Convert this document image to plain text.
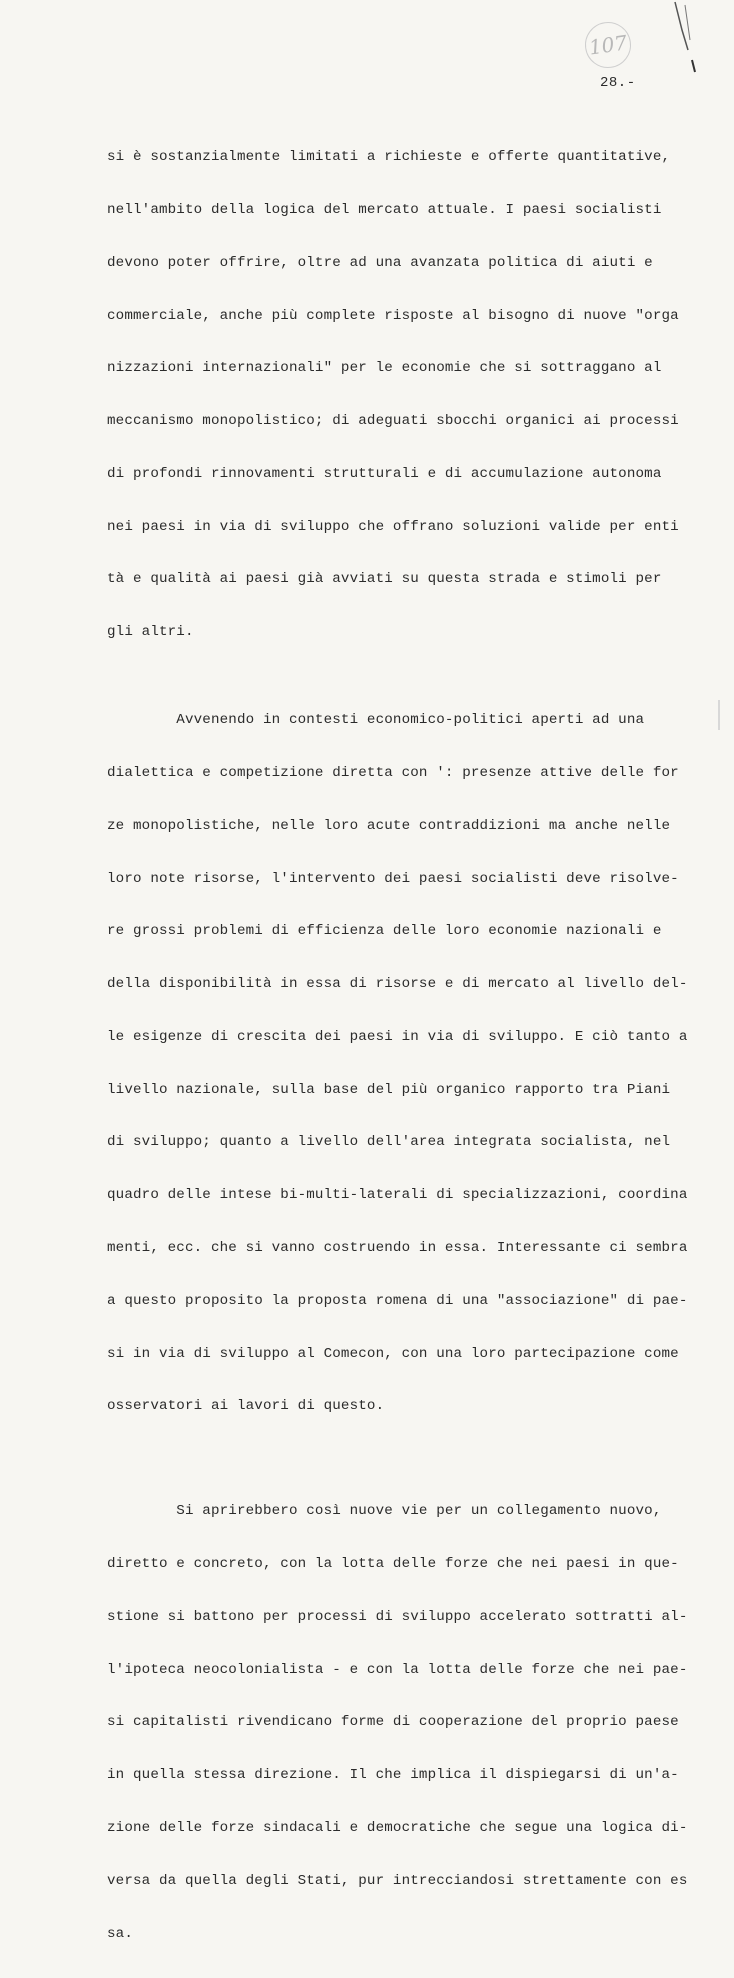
107
28.-

si è sostanzialmente limitati a richieste e offerte quantitative,

nell'ambito della logica del mercato attuale. I paesi socialisti

devono poter offrire, oltre ad una avanzata politica di aiuti e

commerciale, anche più complete risposte al bisogno di nuove "orga

nizzazioni internazionali" per le economie che si sottraggano al

meccanismo monopolistico; di adeguati sbocchi organici ai processi

di profondi rinnovamenti strutturali e di accumulazione autonoma

nei paesi in via di sviluppo che offrano soluzioni valide per enti

tà e qualità ai paesi già avviati su questa strada e stimoli per

gli altri.

Avvenendo in contesti economico-politici aperti ad una

dialettica e competizione diretta con ': presenze attive delle for

ze monopolistiche, nelle loro acute contraddizioni ma anche nelle

loro note risorse, l'intervento dei paesi socialisti deve risolve-

re grossi problemi di efficienza delle loro economie nazionali e

della disponibilità in essa di risorse e di mercato al livello del-

le esigenze di crescita dei paesi in via di sviluppo. E ciò tanto a

livello nazionale, sulla base del più organico rapporto tra Piani

di sviluppo; quanto a livello dell'area integrata socialista, nel

quadro delle intese bi-multi-laterali di specializzazioni, coordina

menti, ecc. che si vanno costruendo in essa. Interessante ci sembra

a questo proposito la proposta romena di una "associazione" di pae-

si in via di sviluppo al Comecon, con una loro partecipazione come

osservatori ai lavori di questo.

Si aprirebbero così nuove vie per un collegamento nuovo,

diretto e concreto, con la lotta delle forze che nei paesi in que-

stione si battono per processi di sviluppo accelerato sottratti al-

l'ipoteca neocolonialista - e con la lotta delle forze che nei pae-

si capitalisti rivendicano forme di cooperazione del proprio paese

in quella stessa direzione. Il che implica il dispiegarsi di un'a-

zione delle forze sindacali e democratiche che segue una logica di-

versa da quella degli Stati, pur intrecciandosi strettamente con es

sa.
